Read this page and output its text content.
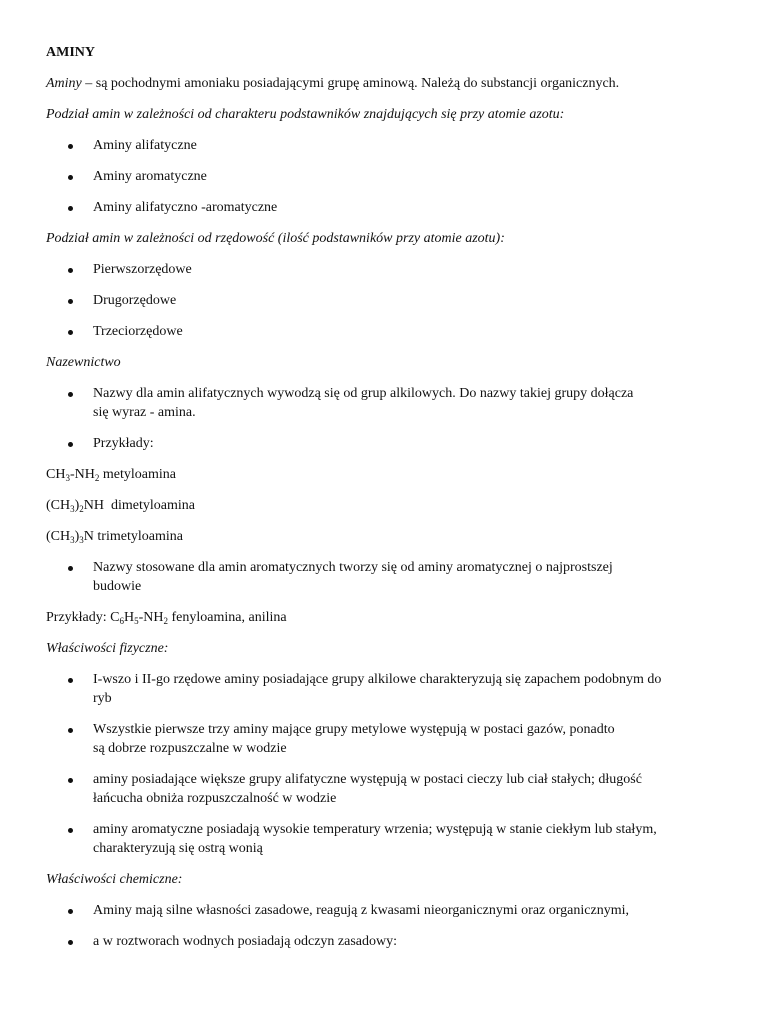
AMINY

Aminy – są pochodnymi amoniaku posiadającymi grupę aminową. Należą do substancji organicznych.

Podział amin w zależności od charakteru podstawników znajdujących się przy atomie azotu:

Aminy alifatyczne
Aminy aromatyczne
Aminy alifatyczno -aromatyczne

Podział amin w zależności od rzędowość (ilość podstawników przy atomie azotu):

Pierwszorzędowe
Drugorzędowe
Trzeciorzędowe

Nazewnictwo

Nazwy dla amin alifatycznych wywodzą się od grup alkilowych. Do nazwy takiej grupy dołącza
się wyraz - amina.
Przykłady:

$CH_3-NH_2$ metyloamina

$(CH_3)_2NH$  dimetyloamina

$(CH_3)_3N$ trimetyloamina

Nazwy stosowane dla amin aromatycznych tworzy się od aminy aromatycznej o najprostszej
budowie

Przykłady: $C_6H_5-NH_2$ fenyloamina, anilina

Właściwości fizyczne:

I-wszo i II-go rzędowe aminy posiadające grupy alkilowe charakteryzują się zapachem podobnym do
ryb
Wszystkie pierwsze trzy aminy mające grupy metylowe występują w postaci gazów, ponadto
są dobrze rozpuszczalne w wodzie
aminy posiadające większe grupy alifatyczne występują w postaci cieczy lub ciał stałych; długość
łańcucha obniża rozpuszczalność w wodzie
aminy aromatyczne posiadają wysokie temperatury wrzenia; występują w stanie ciekłym lub stałym,
charakteryzują się ostrą wonią

Właściwości chemiczne:

Aminy mają silne własności zasadowe, reagują z kwasami nieorganicznymi oraz organicznymi,
a w roztworach wodnych posiadają odczyn zasadowy:
